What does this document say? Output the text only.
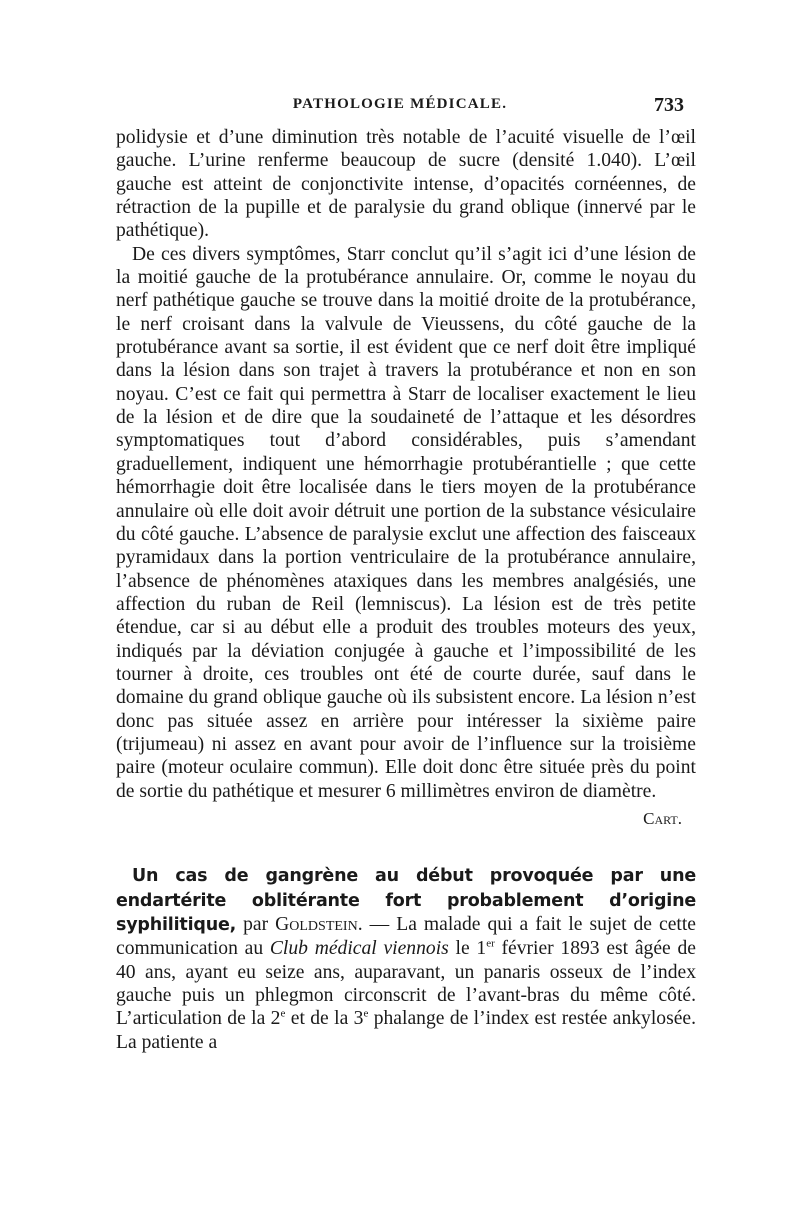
PATHOLOGIE MÉDICALE.	733

polidysie et d’une diminution très notable de l’acuité visuelle de l’œil gauche. L’urine renferme beaucoup de sucre (densité 1.040). L’œil gauche est atteint de conjonctivite intense, d’opacités cornéennes, de rétraction de la pupille et de paralysie du grand oblique (innervé par le pathétique).

De ces divers symptômes, Starr conclut qu’il s’agit ici d’une lésion de la moitié gauche de la protubérance annulaire. Or, comme le noyau du nerf pathétique gauche se trouve dans la moitié droite de la protubérance, le nerf croisant dans la valvule de Vieussens, du côté gauche de la protubérance avant sa sortie, il est évident que ce nerf doit être impliqué dans la lésion dans son trajet à travers la protubérance et non en son noyau. C’est ce fait qui permettra à Starr de localiser exactement le lieu de la lésion et de dire que la soudaineté de l’attaque et les désordres symptomatiques tout d’abord considérables, puis s’amendant graduellement, indiquent une hémorrhagie protubérantielle ; que cette hémorrhagie doit être localisée dans le tiers moyen de la protubérance annulaire où elle doit avoir détruit une portion de la substance vésiculaire du côté gauche. L’absence de paralysie exclut une affection des faisceaux pyramidaux dans la portion ventriculaire de la protubérance annulaire, l’absence de phénomènes ataxiques dans les membres analgésiés, une affection du ruban de Reil (lemniscus). La lésion est de très petite étendue, car si au début elle a produit des troubles moteurs des yeux, indiqués par la déviation conjugée à gauche et l’impossibilité de les tourner à droite, ces troubles ont été de courte durée, sauf dans le domaine du grand oblique gauche où ils subsistent encore. La lésion n’est donc pas située assez en arrière pour intéresser la sixième paire (trijumeau) ni assez en avant pour avoir de l’influence sur la troisième paire (moteur oculaire commun). Elle doit donc être située près du point de sortie du pathétique et mesurer 6 millimètres environ de diamètre.

Cart.

Un cas de gangrène au début provoquée par une endartérite oblitérante fort probablement d’origine syphilitique, par Goldstein. — La malade qui a fait le sujet de cette communication au Club médical viennois le 1er février 1893 est âgée de 40 ans, ayant eu seize ans, auparavant, un panaris osseux de l’index gauche puis un phlegmon circonscrit de l’avant-bras du même côté. L’articulation de la 2e et de la 3e phalange de l’index est restée ankylosée. La patiente a
